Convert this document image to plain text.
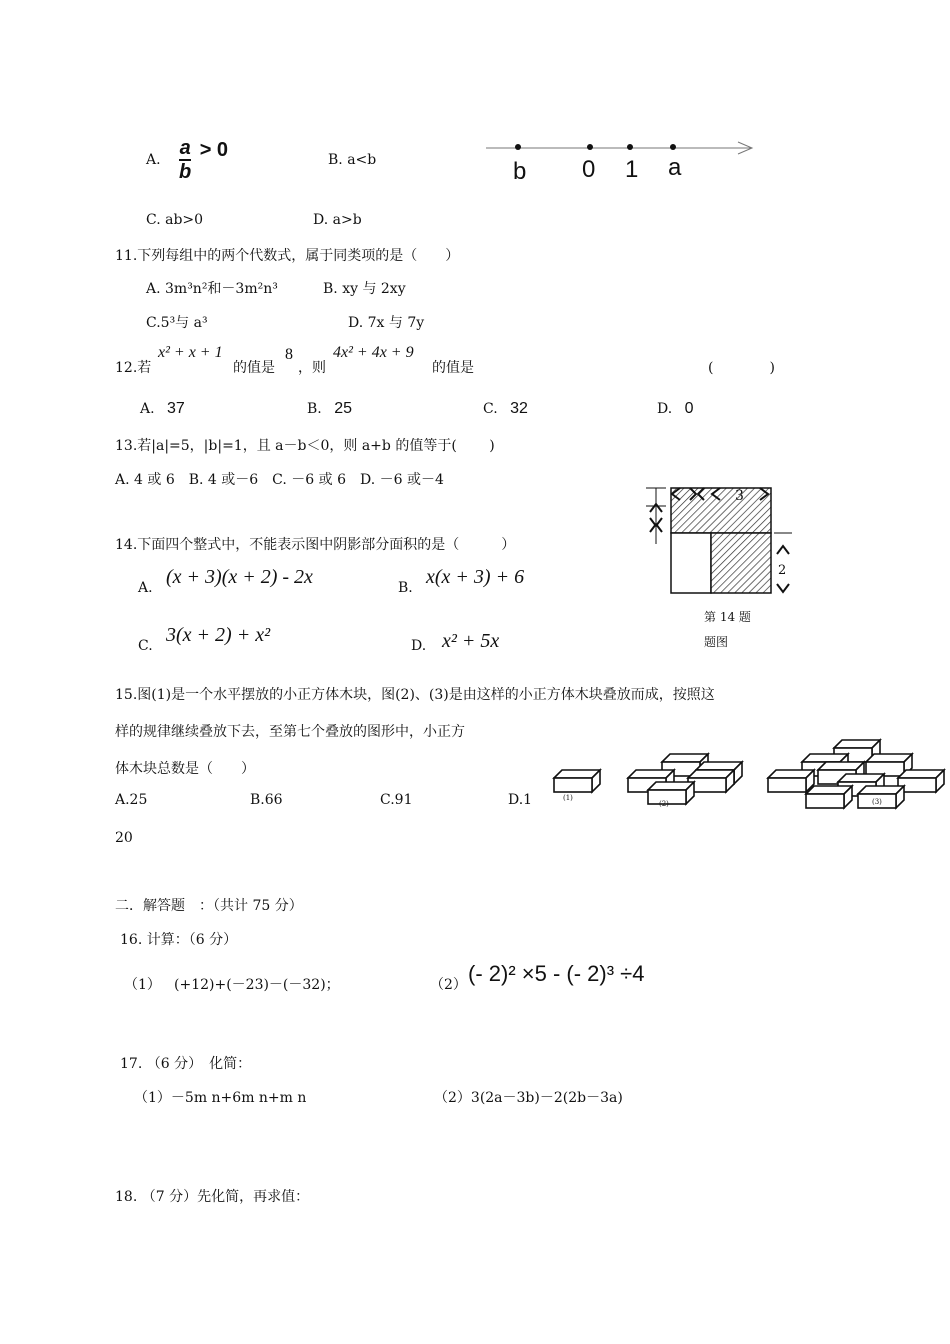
A. $\frac{a}{b} > 0$	B. a<b	b 0 1 a
C. ab>0	D. a>b
11.下列每组中的两个代数式，属于同类项的是（　　）
A. 3m³n²和－3m²n³	B. xy 与 2xy
C.5³与 a³	D. 7x 与 7y
12.若
x² + x + 1
的值是
8
，则
4x² + 4x + 9
的值是	(　　　　)
A. 37	B. 25	C. 32	D. 0
13.若|a|=5，|b|=1，且 a－b＜0，则 a+b 的值等于(　　 )
A. 4 或 6　B. 4 或－6　C. －6 或 6　D. －6 或－4
14.下面四个整式中，不能表示图中阴影部分面积的是（　　　）
A. (x + 3)(x + 2) - 2x	B. x(x + 3) + 6
C. 3(x + 2) + x²	D. x² + 5x
3
2
第 14 题
题图
15.图(1)是一个水平摆放的小正方体木块，图(2)、(3)是由这样的小正方体木块叠放而成，按照这
样的规律继续叠放下去，至第七个叠放的图形中，小正方
体木块总数是（　　）
A.25	B.66	C.91	D.1
20
(1)
(2)	(3)
二．解答题　：（共计 75 分）
16. 计算：（6 分）
（1） (+12)+(－23)－(－32)；	（2） (- 2)² ×5 - (- 2)³ ÷4
17. （6 分）　化简：
（1）－5m n+6m n+m n	（2）3(2a－3b)－2(2b－3a)
18. （7 分）先化简，再求值：
